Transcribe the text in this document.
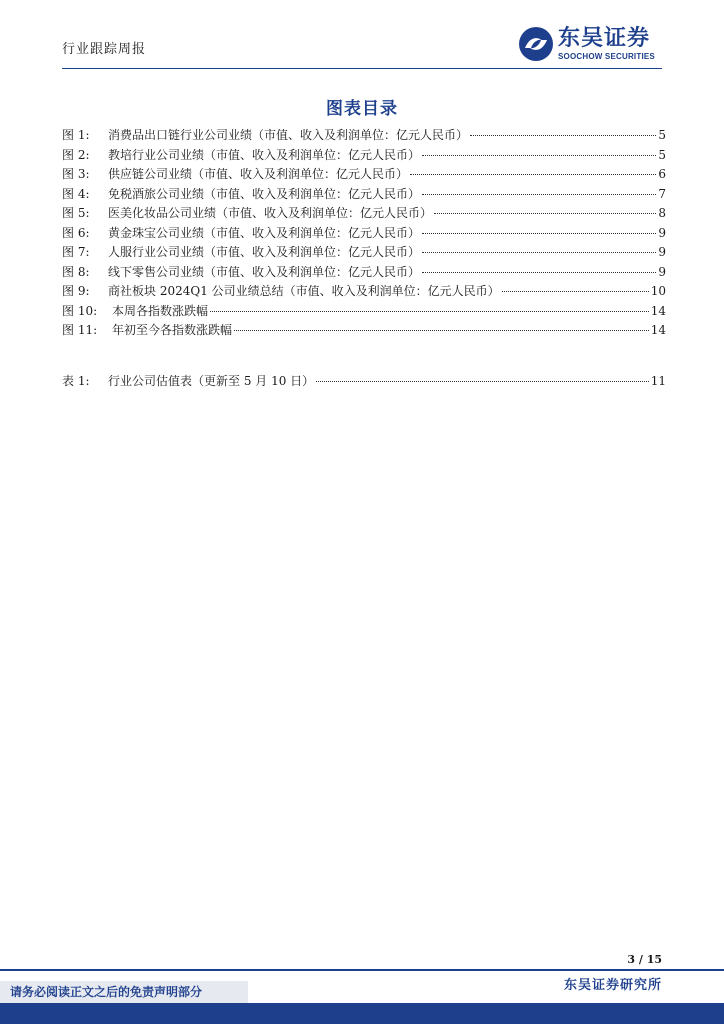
行业跟踪周报	东吴证券
SOOCHOW SECURITIES
图表目录
图 1:	消费品出口链行业公司业绩（市值、收入及利润单位：亿元人民币）	5
图 2:	教培行业公司业绩（市值、收入及利润单位：亿元人民币）	5
图 3:	供应链公司业绩（市值、收入及利润单位：亿元人民币）	6
图 4:	免税酒旅公司业绩（市值、收入及利润单位：亿元人民币）	7
图 5:	医美化妆品公司业绩（市值、收入及利润单位：亿元人民币）	8
图 6:	黄金珠宝公司业绩（市值、收入及利润单位：亿元人民币）	9
图 7:	人服行业公司业绩（市值、收入及利润单位：亿元人民币）	9
图 8:	线下零售公司业绩（市值、收入及利润单位：亿元人民币）	9
图 9:	商社板块 2024Q1 公司业绩总结（市值、收入及利润单位：亿元人民币）	10
图 10:	本周各指数涨跌幅	14
图 11:	年初至今各指数涨跌幅	14
表 1:	行业公司估值表（更新至 5 月 10 日）	11
3 / 15
东吴证券研究所
请务必阅读正文之后的免责声明部分
